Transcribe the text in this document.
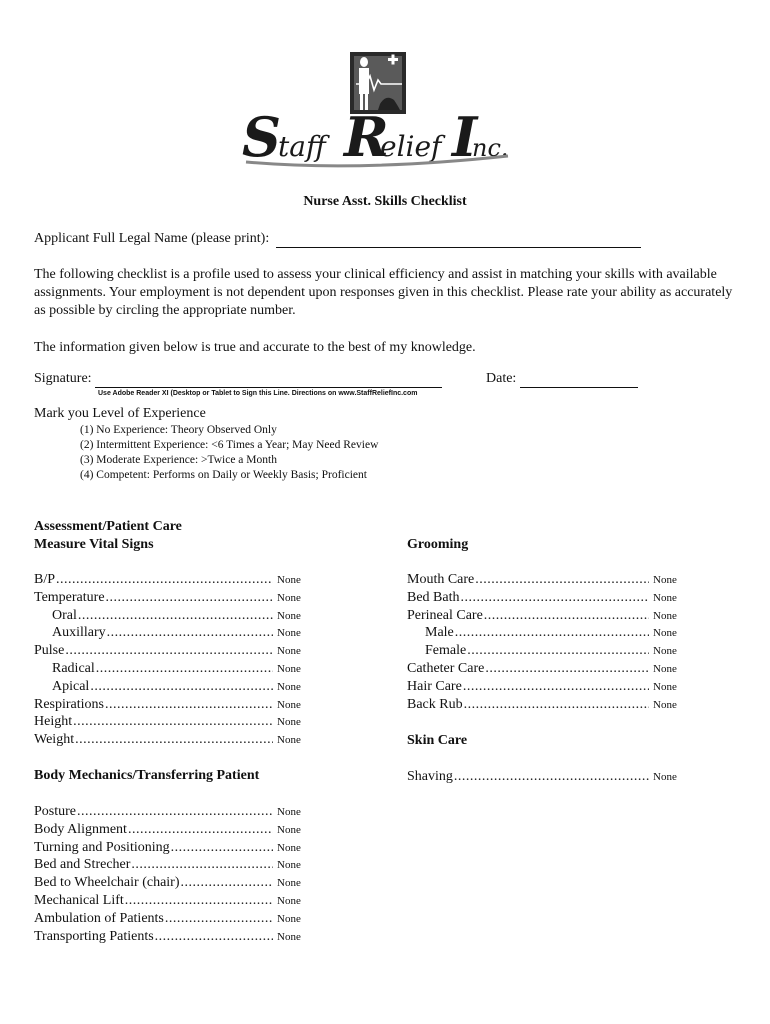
S
taff R
elief I
nc.
Nurse Asst. Skills Checklist
Applicant Full Legal Name (please print):
The following checklist is a profile used to assess your clinical efficiency and assist in matching your skills with available assignments. Your employment is not dependent upon responses given in this checklist. Please rate your ability as accurately as possible by circling the appropriate number.
The information given below is true and accurate to the best of my knowledge.
Signature:	Date:
Use Adobe Reader XI (Desktop or Tablet to Sign this Line. Directions on www.StaffReliefInc.com
Mark you Level of Experience
(1) No Experience: Theory Observed Only
(2) Intermittent Experience: <6 Times a Year; May Need Review
(3) Moderate Experience: >Twice a Month
(4) Competent: Performs on Daily or Weekly Basis; Proficient
Assessment/Patient Care
Measure Vital Signs
B/P .....	None
Temperature .....	None
Oral .....	None
Auxillary .....	None
Pulse .....	None
Radical .....	None
Apical .....	None
Respirations .....	None
Height .....	None
Weight .....	None
Body Mechanics/Transferring Patient
Posture .....	None
Body Alignment .....	None
Turning and Positioning .....	None
Bed and Strecher .....	None
Bed to Wheelchair (chair) .....	None
Mechanical Lift .....	None
Ambulation of Patients .....	None
Transporting Patients .....	None
Grooming
Mouth Care .....	None
Bed Bath .....	None
Perineal Care .....	None
Male .....	None
Female .....	None
Catheter Care .....	None
Hair Care .....	None
Back Rub .....	None
Skin Care
Shaving .....	None
